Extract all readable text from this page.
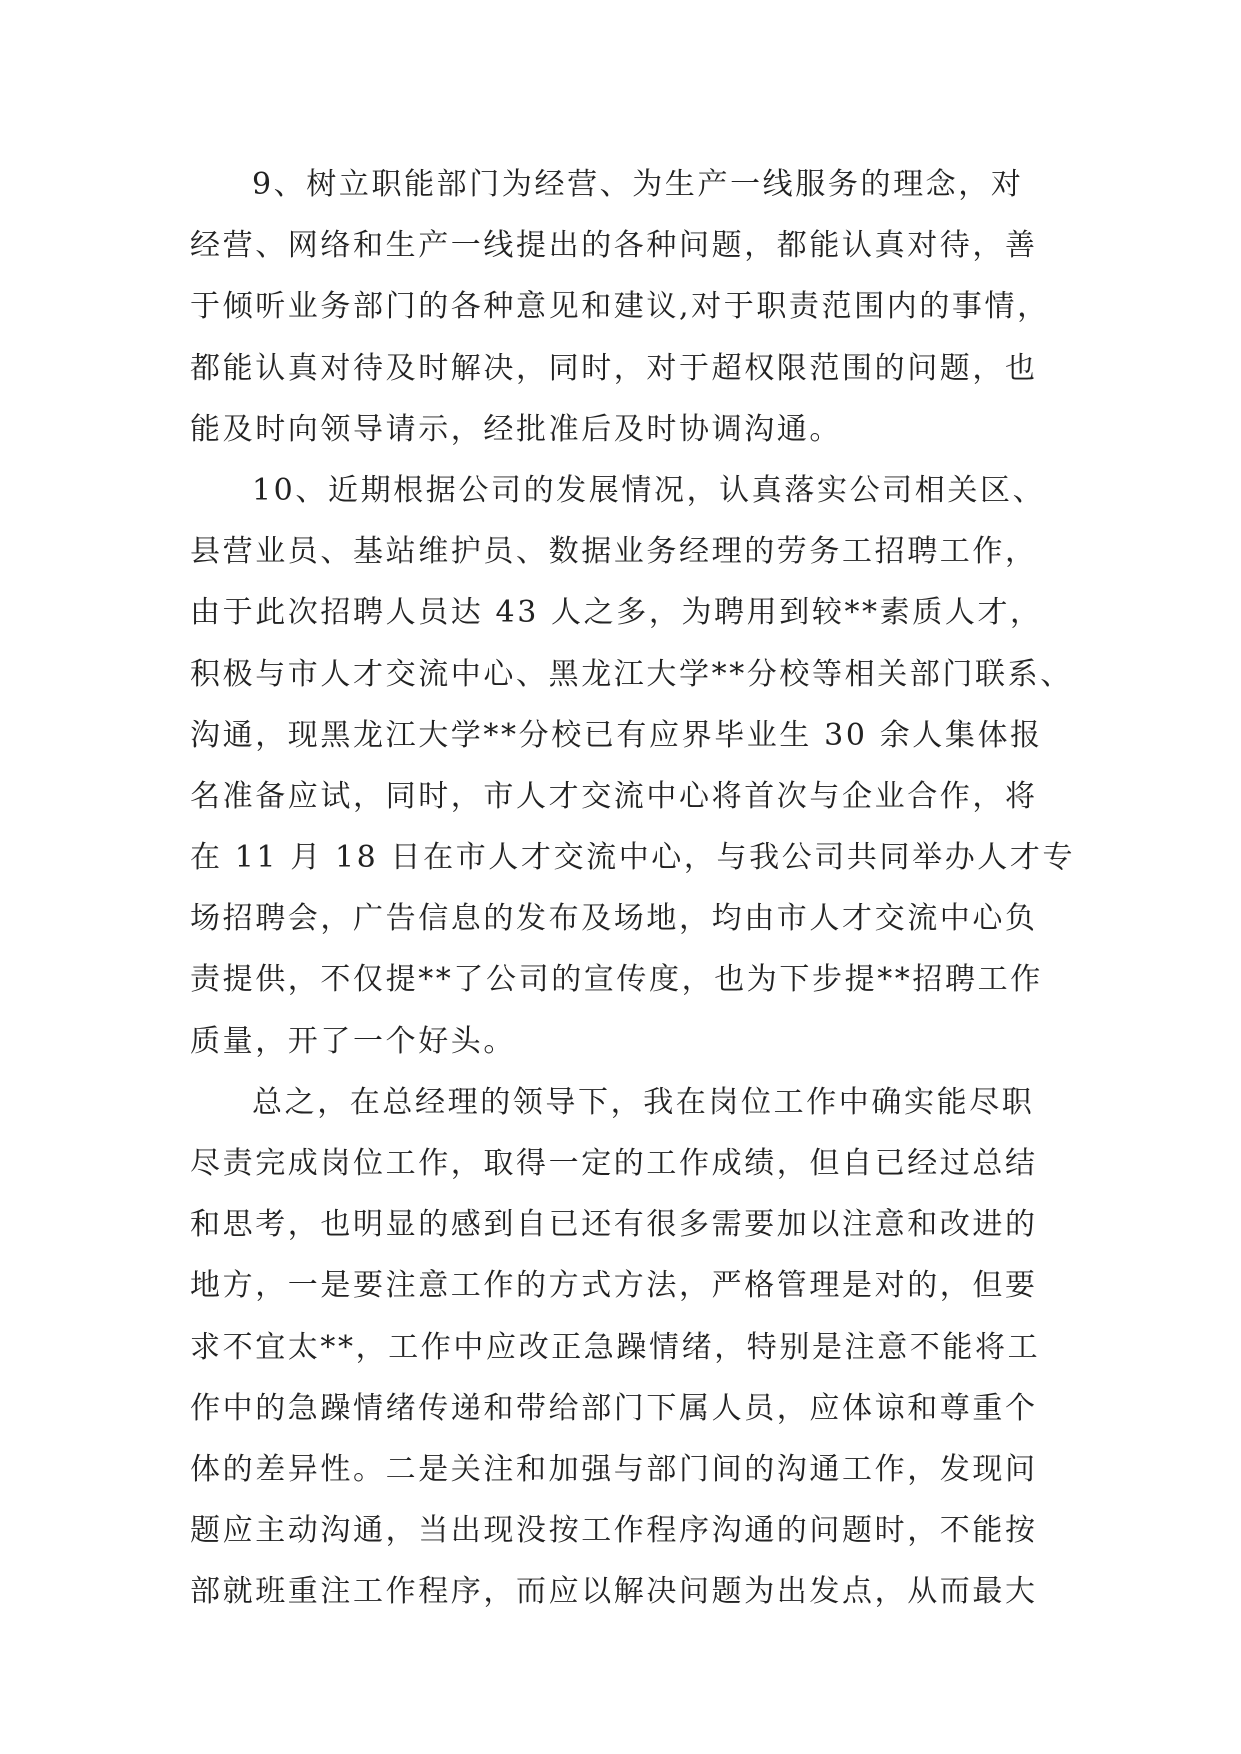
9、树立职能部门为经营、为生产一线服务的理念，对
经营、网络和生产一线提出的各种问题，都能认真对待，善
于倾听业务部门的各种意见和建议,对于职责范围内的事情，
都能认真对待及时解决，同时，对于超权限范围的问题，也
能及时向领导请示，经批准后及时协调沟通。
10、近期根据公司的发展情况，认真落实公司相关区、
县营业员、基站维护员、数据业务经理的劳务工招聘工作，
由于此次招聘人员达 43 人之多，为聘用到较**素质人才，
积极与市人才交流中心、黑龙江大学**分校等相关部门联系、
沟通，现黑龙江大学**分校已有应界毕业生 30 余人集体报
名准备应试，同时，市人才交流中心将首次与企业合作，将
在 11 月 18 日在市人才交流中心，与我公司共同举办人才专
场招聘会，广告信息的发布及场地，均由市人才交流中心负
责提供，不仅提**了公司的宣传度，也为下步提**招聘工作
质量，开了一个好头。
总之，在总经理的领导下，我在岗位工作中确实能尽职
尽责完成岗位工作，取得一定的工作成绩，但自已经过总结
和思考，也明显的感到自已还有很多需要加以注意和改进的
地方，一是要注意工作的方式方法，严格管理是对的，但要
求不宜太**，工作中应改正急躁情绪，特别是注意不能将工
作中的急躁情绪传递和带给部门下属人员，应体谅和尊重个
体的差异性。二是关注和加强与部门间的沟通工作，发现问
题应主动沟通，当出现没按工作程序沟通的问题时，不能按
部就班重注工作程序，而应以解决问题为出发点，从而最大
